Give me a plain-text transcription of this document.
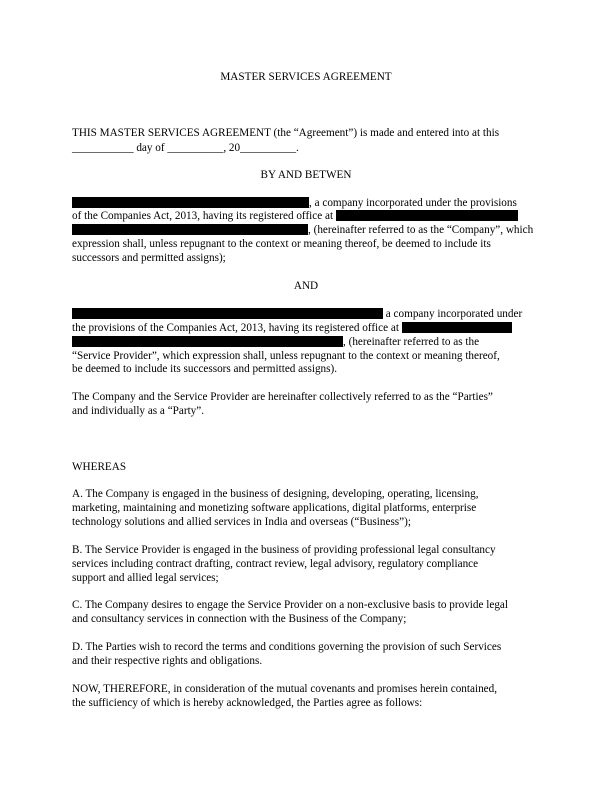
MASTER SERVICES AGREEMENT
THIS MASTER SERVICES AGREEMENT (the “Agreement”) is made and entered into at this
___________ day of __________, 20__________.
BY AND BETWEN
, a company incorporated under the provisions
of the Companies Act, 2013, having its registered office at
, (hereinafter referred to as the “Company”, which
expression shall, unless repugnant to the context or meaning thereof, be deemed to include its
successors and permitted assigns);
AND
a company incorporated under
the provisions of the Companies Act, 2013, having its registered office at
, (hereinafter referred to as the
“Service Provider”, which expression shall, unless repugnant to the context or meaning thereof,
be deemed to include its successors and permitted assigns).
The Company and the Service Provider are hereinafter collectively referred to as the “Parties”
and individually as a “Party”.
WHEREAS
A. The Company is engaged in the business of designing, developing, operating, licensing,
marketing, maintaining and monetizing software applications, digital platforms, enterprise
technology solutions and allied services in India and overseas (“Business”);
B. The Service Provider is engaged in the business of providing professional legal consultancy
services including contract drafting, contract review, legal advisory, regulatory compliance
support and allied legal services;
C. The Company desires to engage the Service Provider on a non-exclusive basis to provide legal
and consultancy services in connection with the Business of the Company;
D. The Parties wish to record the terms and conditions governing the provision of such Services
and their respective rights and obligations.
NOW, THEREFORE, in consideration of the mutual covenants and promises herein contained,
the sufficiency of which is hereby acknowledged, the Parties agree as follows:
